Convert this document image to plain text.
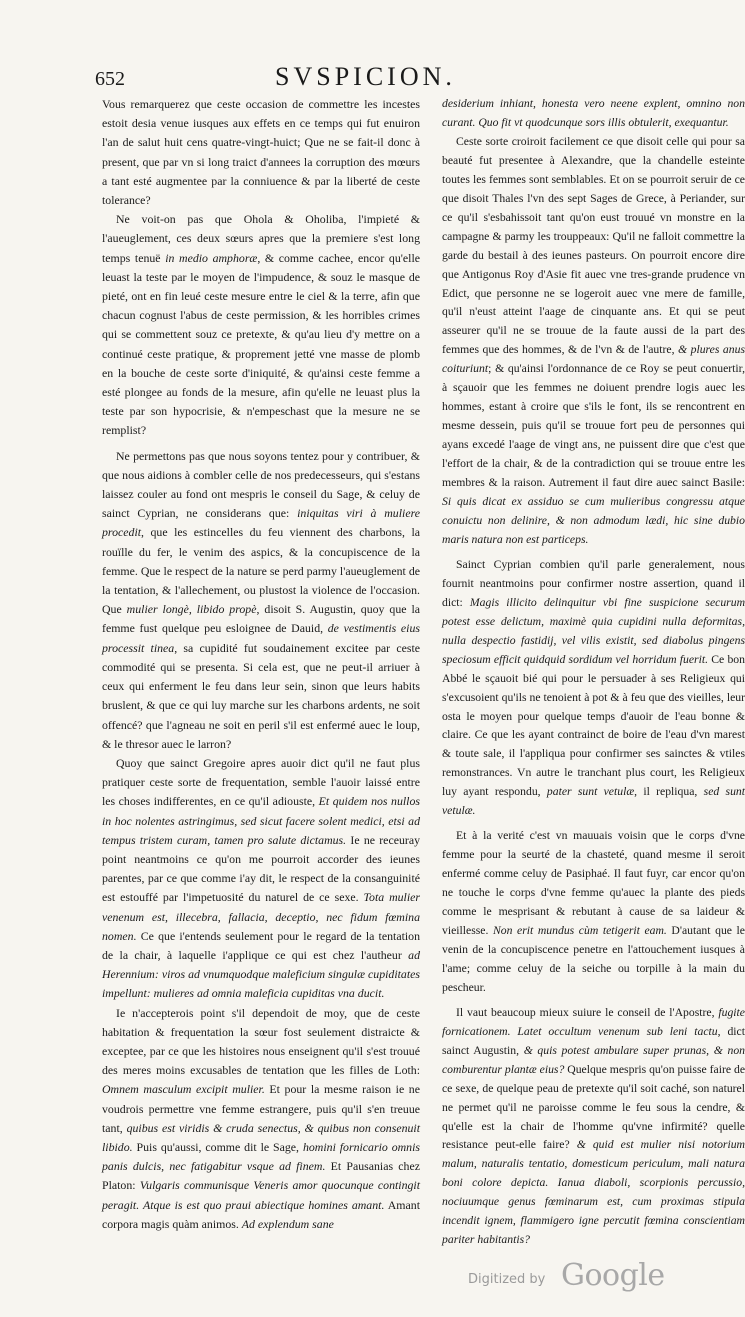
652	SVSPICION.

Vous remarquerez que ceste occasion de commettre les incestes estoit desia venue iusques aux effets en ce temps qui fut enuiron l'an de salut huit cens quatre-vingt-huict; Que ne se fait-il donc à present, que par vn si long traict d'annees la corruption des mœurs a tant esté augmentee par la conniuence & par la liberté de ceste tolerance?

Ne voit-on pas que Ohola & Oholiba, l'impieté & l'aueuglement, ces deux sœurs apres que la premiere s'est long temps tenuë in medio amphoræ, & comme cachee, encor qu'elle leuast la teste par le moyen de l'impudence, & souz le masque de pieté, ont en fin leué ceste mesure entre le ciel & la terre, afin que chacun cognust l'abus de ceste permission, & les horribles crimes qui se commettent souz ce pretexte, & qu'au lieu d'y mettre on a continué ceste pratique, & proprement jetté vne masse de plomb en la bouche de ceste sorte d'iniquité, & qu'ainsi ceste femme a esté plongee au fonds de la mesure, afin qu'elle ne leuast plus la teste par son hypocrisie, & n'empeschast que la mesure ne se remplist?

Ne permettons pas que nous soyons tentez pour y contribuer, & que nous aidions à combler celle de nos predecesseurs, qui s'estans laissez couler au fond ont mespris le conseil du Sage, & celuy de sainct Cyprian, ne considerans que: iniquitas viri à muliere procedit, que les estincelles du feu viennent des charbons, la rouïlle du fer, le venim des aspics, & la concupiscence de la femme. Que le respect de la nature se perd parmy l'aueuglement de la tentation, & l'allechement, ou plustost la violence de l'occasion. Que mulier longè, libido propè, disoit S. Augustin, quoy que la femme fust quelque peu esloignee de Dauid, de vestimentis eius processit tinea, sa cupidité fut soudainement excitee par ceste commodité qui se presenta. Si cela est, que ne peut-il arriuer à ceux qui enferment le feu dans leur sein, sinon que leurs habits bruslent, & que ce qui luy marche sur les charbons ardents, ne soit offencé? que l'agneau ne soit en peril s'il est enfermé auec le loup, & le thresor auec le larron?

Quoy que sainct Gregoire apres auoir dict qu'il ne faut plus pratiquer ceste sorte de frequentation, semble l'auoir laissé entre les choses indifferentes, en ce qu'il adiouste, Et quidem nos nullos in hoc nolentes astringimus, sed sicut facere solent medici, etsi ad tempus tristem curam, tamen pro salute dictamus. Ie ne receuray point neantmoins ce qu'on me pourroit accorder des ieunes parentes, par ce que comme i'ay dit, le respect de la consanguinité est estouffé par l'impetuosité du naturel de ce sexe. Tota mulier venenum est, illecebra, fallacia, deceptio, nec fidum fœmina nomen. Ce que i'entends seulement pour le regard de la tentation de la chair, à laquelle i'applique ce qui est chez l'autheur ad Herennium: viros ad vnumquodque maleficium singulæ cupiditates impellunt: mulieres ad omnia maleficia cupiditas vna ducit.

Ie n'accepterois point s'il dependoit de moy, que de ceste habitation & frequentation la sœur fost seulement distraicte & exceptee, par ce que les histoires nous enseignent qu'il s'est trouué des meres moins excusables de tentation que les filles de Loth: Omnem masculum excipit mulier. Et pour la mesme raison ie ne voudrois permettre vne femme estrangere, puis qu'il s'en treuue tant, quibus est viridis & cruda senectus, & quibus non consenuit libido. Puis qu'aussi, comme dit le Sage, homini fornicario omnis panis dulcis, nec fatigabitur vsque ad finem. Et Pausanias chez Platon: Vulgaris communisque Veneris amor quocunque contingit peragit. Atque is est quo praui abiectique homines amant. Amant corpora magis quàm animos. Ad explendum sane

desiderium inhiant, honesta vero neene explent, omnino non curant. Quo fit vt quodcunque sors illis obtulerit, exequantur.

Ceste sorte croiroit facilement ce que disoit celle qui pour sa beauté fut presentee à Alexandre, que la chandelle esteinte toutes les femmes sont semblables. Et on se pourroit seruir de ce que disoit Thales l'vn des sept Sages de Grece, à Periander, sur ce qu'il s'esbahissoit tant qu'on eust trouué vn monstre en la campagne & parmy les trouppeaux: Qu'il ne falloit commettre la garde du bestail à des ieunes pasteurs. On pourroit encore dire que Antigonus Roy d'Asie fit auec vne tres-grande prudence vn Edict, que personne ne se logeroit auec vne mere de famille, qu'il n'eust atteint l'aage de cinquante ans. Et qui se peut asseurer qu'il ne se trouue de la faute aussi de la part des femmes que des hommes, & de l'vn & de l'autre, & plures anus coituriunt; & qu'ainsi l'ordonnance de ce Roy se peut conuertir, à sçauoir que les femmes ne doiuent prendre logis auec les hommes, estant à croire que s'ils le font, ils se rencontrent en mesme dessein, puis qu'il se trouue fort peu de personnes qui ayans excedé l'aage de vingt ans, ne puissent dire que c'est que l'effort de la chair, & de la contradiction qui se trouue entre les membres & la raison. Autrement il faut dire auec sainct Basile: Si quis dicat ex assiduo se cum mulieribus congressu atque conuictu non delinire, & non admodum lædi, hic sine dubio maris natura non est particeps.

Sainct Cyprian combien qu'il parle generalement, nous fournit neantmoins pour confirmer nostre assertion, quand il dict: Magis illicito delinquitur vbi fine suspicione securum potest esse delictum, maximè quia cupidini nulla deformitas, nulla despectio fastidij, vel vilis existit, sed diabolus pingens speciosum efficit quidquid sordidum vel horridum fuerit. Ce bon Abbé le sçauoit bié qui pour le persuader à ses Religieux qui s'excusoient qu'ils ne tenoient à pot & à feu que des vieilles, leur osta le moyen pour quelque temps d'auoir de l'eau bonne & claire. Ce que les ayant contrainct de boire de l'eau d'vn marest & toute sale, il l'appliqua pour confirmer ses sainctes & vtiles remonstrances. Vn autre le tranchant plus court, les Religieux luy ayant respondu, pater sunt vetulæ, il repliqua, sed sunt vetulæ.

Et à la verité c'est vn mauuais voisin que le corps d'vne femme pour la seurté de la chasteté, quand mesme il seroit enfermé comme celuy de Pasiphaé. Il faut fuyr, car encor qu'on ne touche le corps d'vne femme qu'auec la plante des pieds comme le mesprisant & rebutant à cause de sa laideur & vieillesse. Non erit mundus cùm tetigerit eam. D'autant que le venin de la concupiscence penetre en l'attouchement iusques à l'ame; comme celuy de la seiche ou torpille à la main du pescheur.

Il vaut beaucoup mieux suiure le conseil de l'Apostre, fugite fornicationem. Latet occultum venenum sub leni tactu, dict sainct Augustin, & quis potest ambulare super prunas, & non comburentur plantæ eius? Quelque mespris qu'on puisse faire de ce sexe, de quelque peau de pretexte qu'il soit caché, son naturel ne permet qu'il ne paroisse comme le feu sous la cendre, & qu'elle est la chair de l'homme qu'vne infirmité? quelle resistance peut-elle faire? & quid est mulier nisi notorium malum, naturalis tentatio, domesticum periculum, mali natura boni colore depicta. Ianua diaboli, scorpionis percussio, nociuumque genus fœminarum est, cum proximas stipula incendit ignem, flammigero igne percutit fœmina conscientiam pariter habitantis?

Digitized by Google
